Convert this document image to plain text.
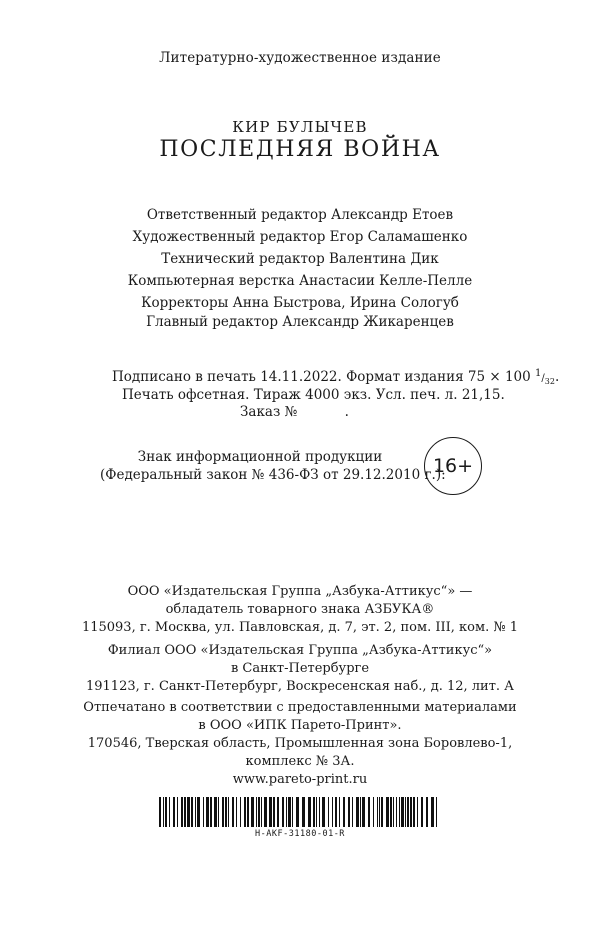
Литературно-художественное издание
КИР БУЛЫЧЕВ
ПОСЛЕДНЯЯ ВОЙНА
Ответственный редактор Александр Етоев
Художественный редактор Егор Саламашенко
Технический редактор Валентина Дик
Компьютерная верстка Анастасии Келле-Пелле
Корректоры Анна Быстрова, Ирина Сологуб
Главный редактор Александр Жикаренцев
Подписано в печать 14.11.2022. Формат издания 75 × 100 $1/_{32}$.
Печать офсетная. Тираж 4000 экз. Усл. печ. л. 21,15.
Заказ №           .
Знак информационной продукции
(Федеральный закон № 436-ФЗ от 29.12.2010 г.):
16+
ООО «Издательская Группа „Азбука-Аттикус“» —
обладатель товарного знака АЗБУКА®
115093, г. Москва, ул. Павловская, д. 7, эт. 2, пом. III, ком. № 1
Филиал ООО «Издательская Группа „Азбука-Аттикус“»
в Санкт-Петербурге
191123, г. Санкт-Петербург, Воскресенская наб., д. 12, лит. А
Отпечатано в соответствии с предоставленными материалами
в ООО «ИПК Парето-Принт».
170546, Тверская область, Промышленная зона Боровлево-1,
комплекс № 3А.
www.pareto-print.ru
H-AKF-31180-01-R
